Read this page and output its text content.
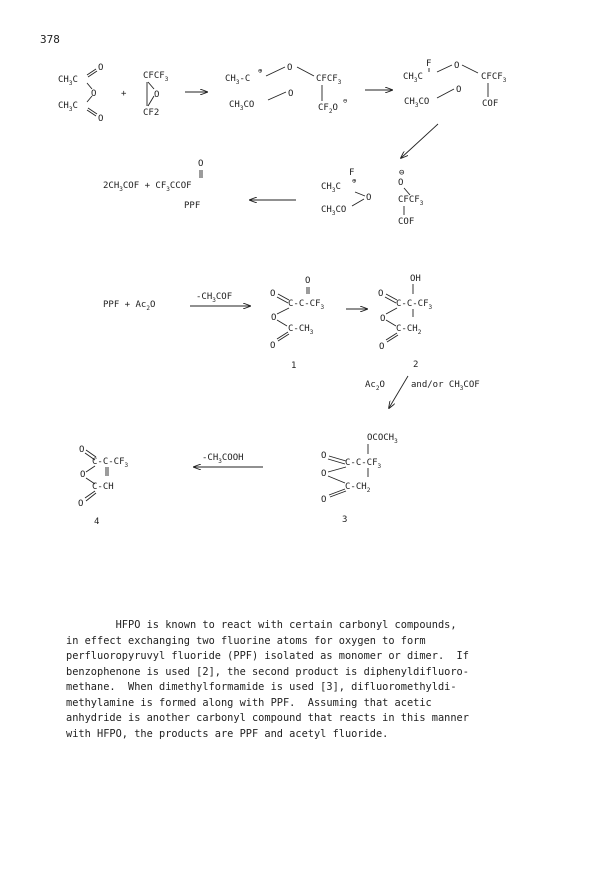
378
$CH_3C$
O
O
$CH_3C$
O
+
$CFCF_3$
O
CF2
$CH_3-C$
⊕	O
$CFCF_3$
O
$CH_3CO$	$CF_2O$
⊖
F
$CH_3C$
O
$CFCF_3$
O
$CH_3CO$	COF
F
⊕
⊖
$CH_3C$	O
O	$CFCF_3$
$CH_3CO$
COF
O
$2CH_3COF$ + $CF_3CCOF$
PPF
PPF + $Ac_2O$
$-CH_3COF$
O
O
$C-C-CF_3$
O
$C-CH_3$
O
1
OH
O
$C-C-CF_3$
O
$C-CH_2$
O
2
$Ac_2O$	and/or $CH_3COF$
$OCOCH_3$
O
$C-C-CF_3$
O
$C-CH_2$
O
3
$-CH_3COOH$
O
$C-C-CF_3$
O
C-CH
O
4
HFPO is known to react with certain carbonyl compounds,
in effect exchanging two fluorine atoms for oxygen to form
perfluoropyruvyl fluoride (PPF) isolated as monomer or dimer.  If
benzophenone is used [2], the second product is diphenyldifluoro-
methane.  When dimethylformamide is used [3], difluoromethyldi-
methylamine is formed along with PPF.  Assuming that acetic
anhydride is another carbonyl compound that reacts in this manner
with HFPO, the products are PPF and acetyl fluoride.
